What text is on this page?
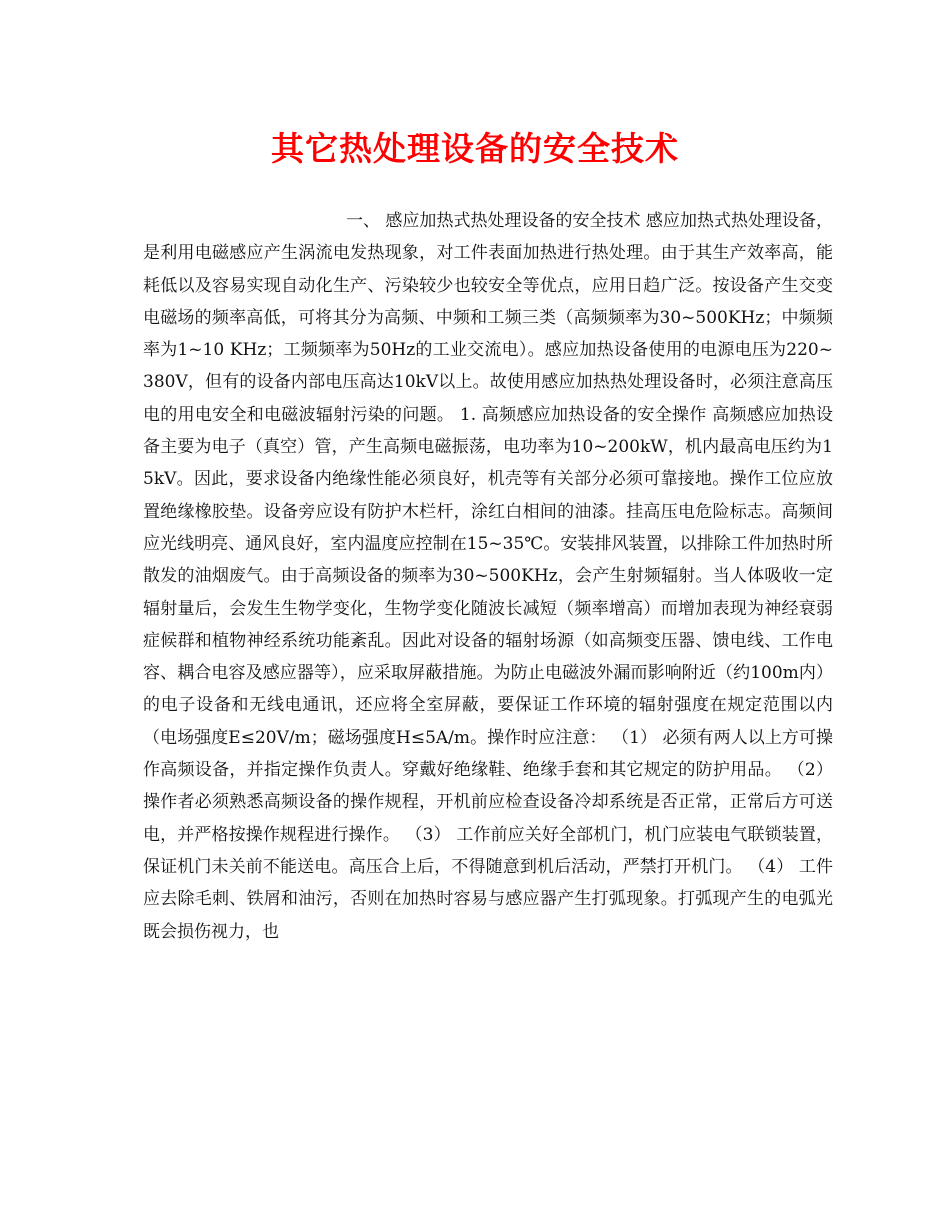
其它热处理设备的安全技术
一、 感应加热式热处理设备的安全技术 感应加热式热处理设备，是利用电磁感应产生涡流电发热现象，对工件表面加热进行热处理。由于其生产效率高，能耗低以及容易实现自动化生产、污染较少也较安全等优点，应用日趋广泛。按设备产生交变电磁场的频率高低，可将其分为高频、中频和工频三类（高频频率为30~500KHz；中频频率为1~10 KHz；工频频率为50Hz的工业交流电）。感应加热设备使用的电源电压为220~380V，但有的设备内部电压高达10kV以上。故使用感应加热热处理设备时，必须注意高压电的用电安全和电磁波辐射污染的问题。 1. 高频感应加热设备的安全操作 高频感应加热设备主要为电子（真空）管，产生高频电磁振荡，电功率为10~200kW，机内最高电压约为15kV。因此，要求设备内绝缘性能必须良好，机壳等有关部分必须可靠接地。操作工位应放置绝缘橡胶垫。设备旁应设有防护木栏杆，涂红白相间的油漆。挂高压电危险标志。高频间应光线明亮、通风良好，室内温度应控制在15~35℃。安装排风装置，以排除工件加热时所散发的油烟废气。由于高频设备的频率为30~500KHz，会产生射频辐射。当人体吸收一定辐射量后，会发生生物学变化，生物学变化随波长减短（频率增高）而增加表现为神经衰弱症候群和植物神经系统功能紊乱。因此对设备的辐射场源（如高频变压器、馈电线、工作电容、耦合电容及感应器等），应采取屏蔽措施。为防止电磁波外漏而影响附近（约100m内）的电子设备和无线电通讯，还应将全室屏蔽，要保证工作环境的辐射强度在规定范围以内（电场强度E≤20V/m；磁场强度H≤5A/m。操作时应注意： （1） 必须有两人以上方可操作高频设备，并指定操作负责人。穿戴好绝缘鞋、绝缘手套和其它规定的防护用品。 （2） 操作者必须熟悉高频设备的操作规程，开机前应检查设备冷却系统是否正常，正常后方可送电，并严格按操作规程进行操作。 （3） 工作前应关好全部机门，机门应装电气联锁装置，保证机门未关前不能送电。高压合上后，不得随意到机后活动，严禁打开机门。 （4） 工件应去除毛刺、铁屑和油污，否则在加热时容易与感应器产生打弧现象。打弧现产生的电弧光既会损伤视力，也
